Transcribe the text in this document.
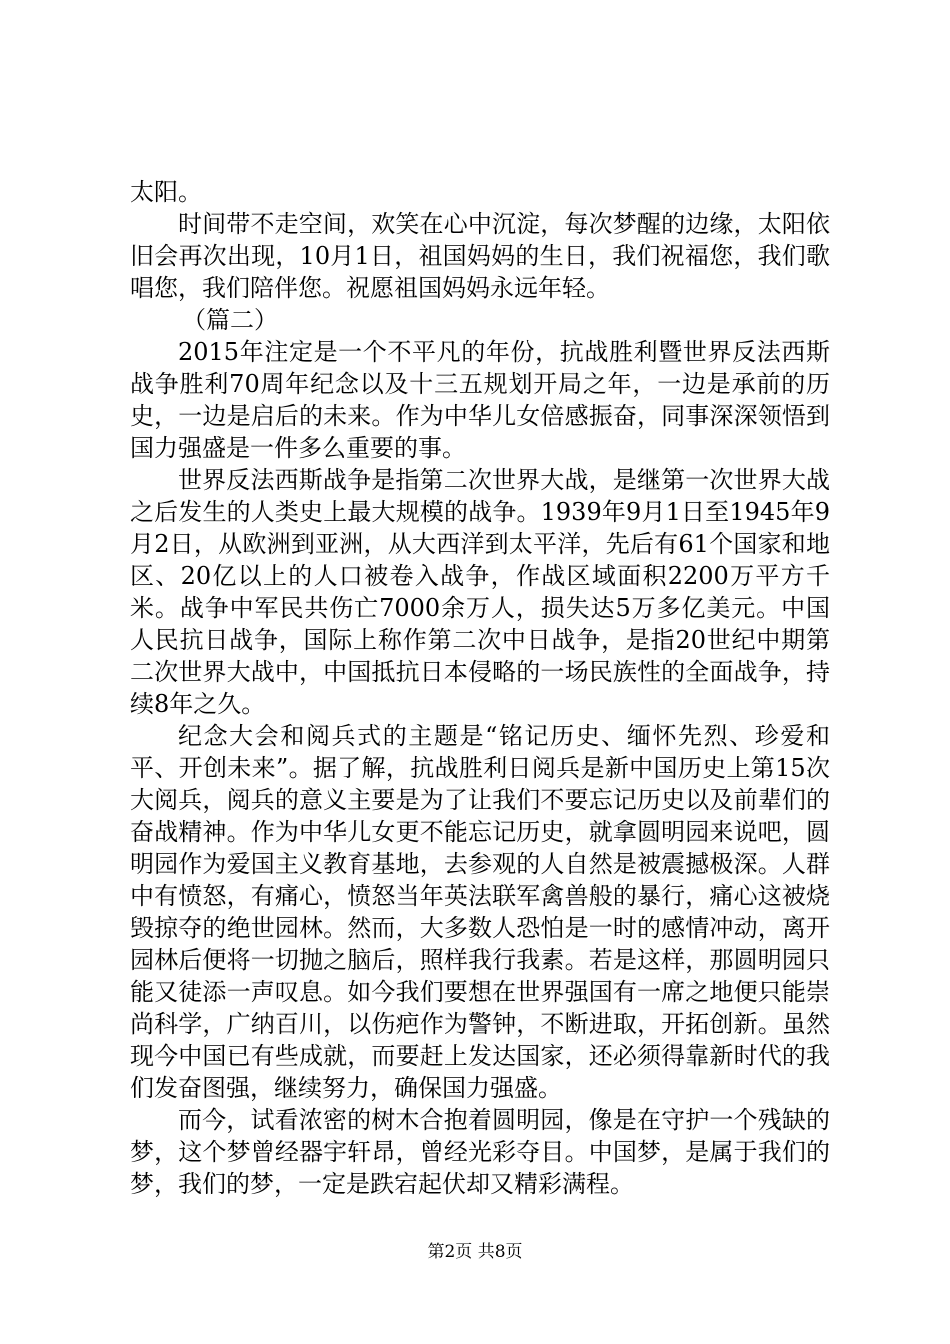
太阳。

时间带不走空间，欢笑在心中沉淀，每次梦醒的边缘，太阳依旧会再次出现，10月1日，祖国妈妈的生日，我们祝福您，我们歌唱您，我们陪伴您。祝愿祖国妈妈永远年轻。

（篇二）

2015年注定是一个不平凡的年份，抗战胜利暨世界反法西斯战争胜利70周年纪念以及十三五规划开局之年，一边是承前的历史，一边是启后的未来。作为中华儿女倍感振奋，同事深深领悟到国力强盛是一件多么重要的事。

世界反法西斯战争是指第二次世界大战，是继第一次世界大战之后发生的人类史上最大规模的战争。1939年9月1日至1945年9月2日，从欧洲到亚洲，从大西洋到太平洋，先后有61个国家和地区、20亿以上的人口被卷入战争，作战区域面积2200万平方千米。战争中军民共伤亡7000余万人，损失达5万多亿美元。中国人民抗日战争，国际上称作第二次中日战争，是指20世纪中期第二次世界大战中，中国抵抗日本侵略的一场民族性的全面战争，持续8年之久。

纪念大会和阅兵式的主题是“铭记历史、缅怀先烈、珍爱和平、开创未来”。据了解，抗战胜利日阅兵是新中国历史上第15次大阅兵，阅兵的意义主要是为了让我们不要忘记历史以及前辈们的奋战精神。作为中华儿女更不能忘记历史，就拿圆明园来说吧，圆明园作为爱国主义教育基地，去参观的人自然是被震撼极深。人群中有愤怒，有痛心，愤怒当年英法联军禽兽般的暴行，痛心这被烧毁掠夺的绝世园林。然而，大多数人恐怕是一时的感情冲动，离开园林后便将一切抛之脑后，照样我行我素。若是这样，那圆明园只能又徒添一声叹息。如今我们要想在世界强国有一席之地便只能崇尚科学，广纳百川，以伤疤作为警钟，不断进取，开拓创新。虽然现今中国已有些成就，而要赶上发达国家，还必须得靠新时代的我们发奋图强，继续努力，确保国力强盛。

而今，试看浓密的树木合抱着圆明园，像是在守护一个残缺的梦，这个梦曾经器宇轩昂，曾经光彩夺目。中国梦，是属于我们的梦，我们的梦，一定是跌宕起伏却又精彩满程。

第2页 共8页
